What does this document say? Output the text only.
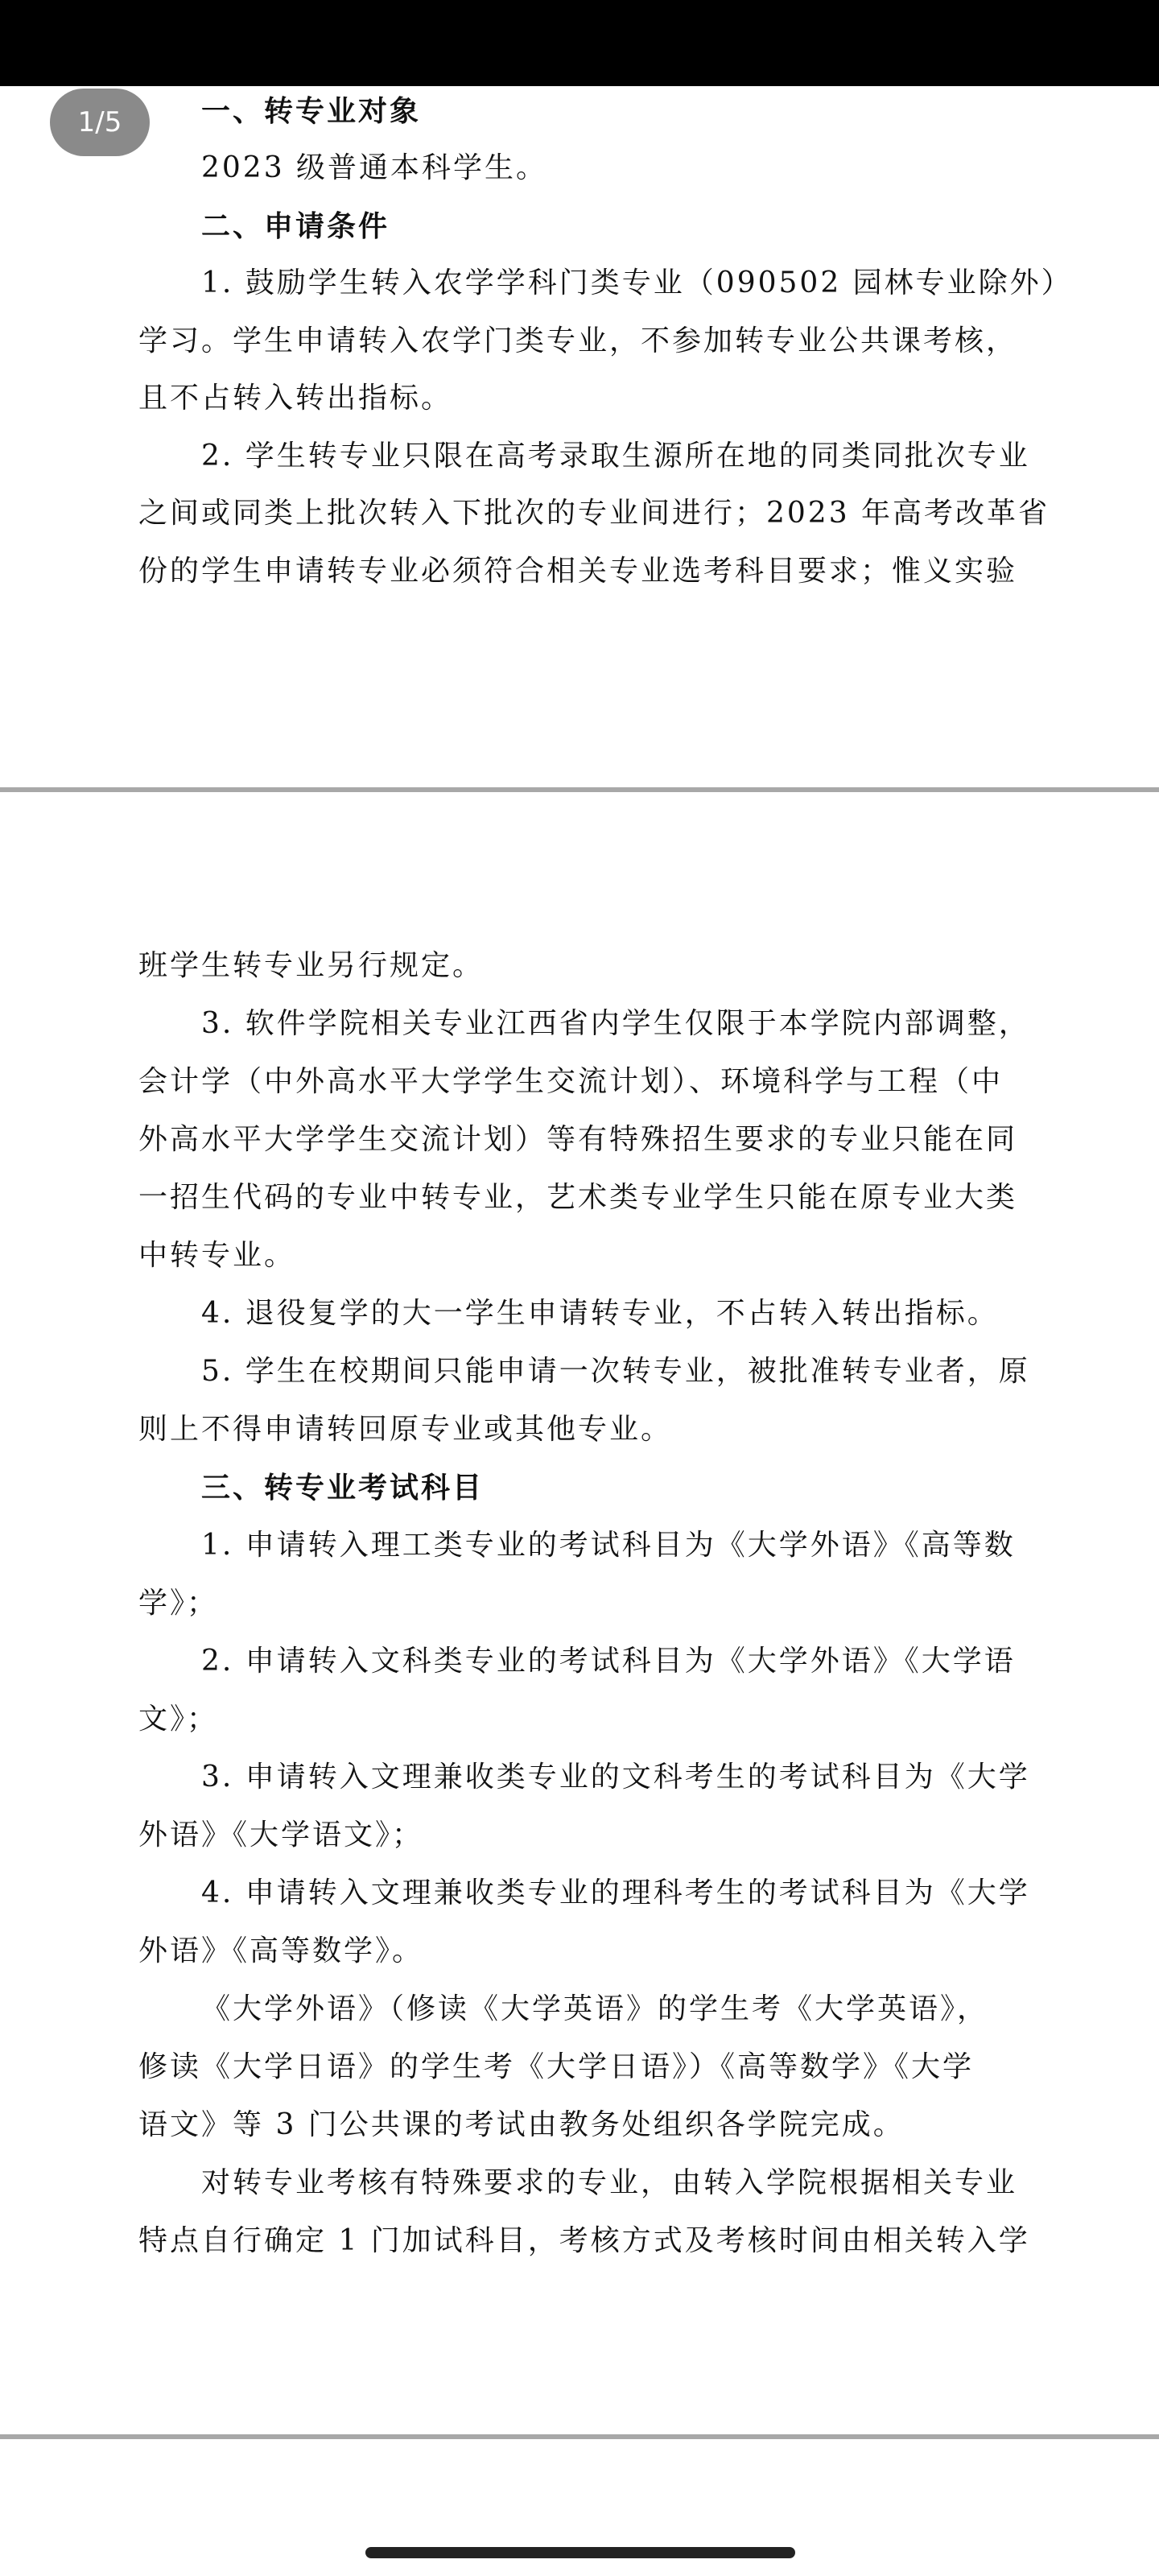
1/5	一、转专业对象
2023 级普通本科学生。
二、申请条件
1. 鼓励学生转入农学学科门类专业（090502 园林专业除外）
学习。学生申请转入农学门类专业，不参加转专业公共课考核，
且不占转入转出指标。
2. 学生转专业只限在高考录取生源所在地的同类同批次专业
之间或同类上批次转入下批次的专业间进行；2023 年高考改革省
份的学生申请转专业必须符合相关专业选考科目要求；惟义实验
班学生转专业另行规定。
3. 软件学院相关专业江西省内学生仅限于本学院内部调整，
会计学（中外高水平大学学生交流计划）、环境科学与工程（中
外高水平大学学生交流计划）等有特殊招生要求的专业只能在同
一招生代码的专业中转专业，艺术类专业学生只能在原专业大类
中转专业。
4. 退役复学的大一学生申请转专业，不占转入转出指标。
5. 学生在校期间只能申请一次转专业，被批准转专业者，原
则上不得申请转回原专业或其他专业。
三、转专业考试科目
1. 申请转入理工类专业的考试科目为《大学外语》《高等数
学》；
2. 申请转入文科类专业的考试科目为《大学外语》《大学语
文》；
3. 申请转入文理兼收类专业的文科考生的考试科目为《大学
外语》《大学语文》；
4. 申请转入文理兼收类专业的理科考生的考试科目为《大学
外语》《高等数学》。
《大学外语》（修读《大学英语》的学生考《大学英语》，
修读《大学日语》的学生考《大学日语》）《高等数学》《大学
语文》等 3 门公共课的考试由教务处组织各学院完成。
对转专业考核有特殊要求的专业，由转入学院根据相关专业
特点自行确定 1 门加试科目，考核方式及考核时间由相关转入学
